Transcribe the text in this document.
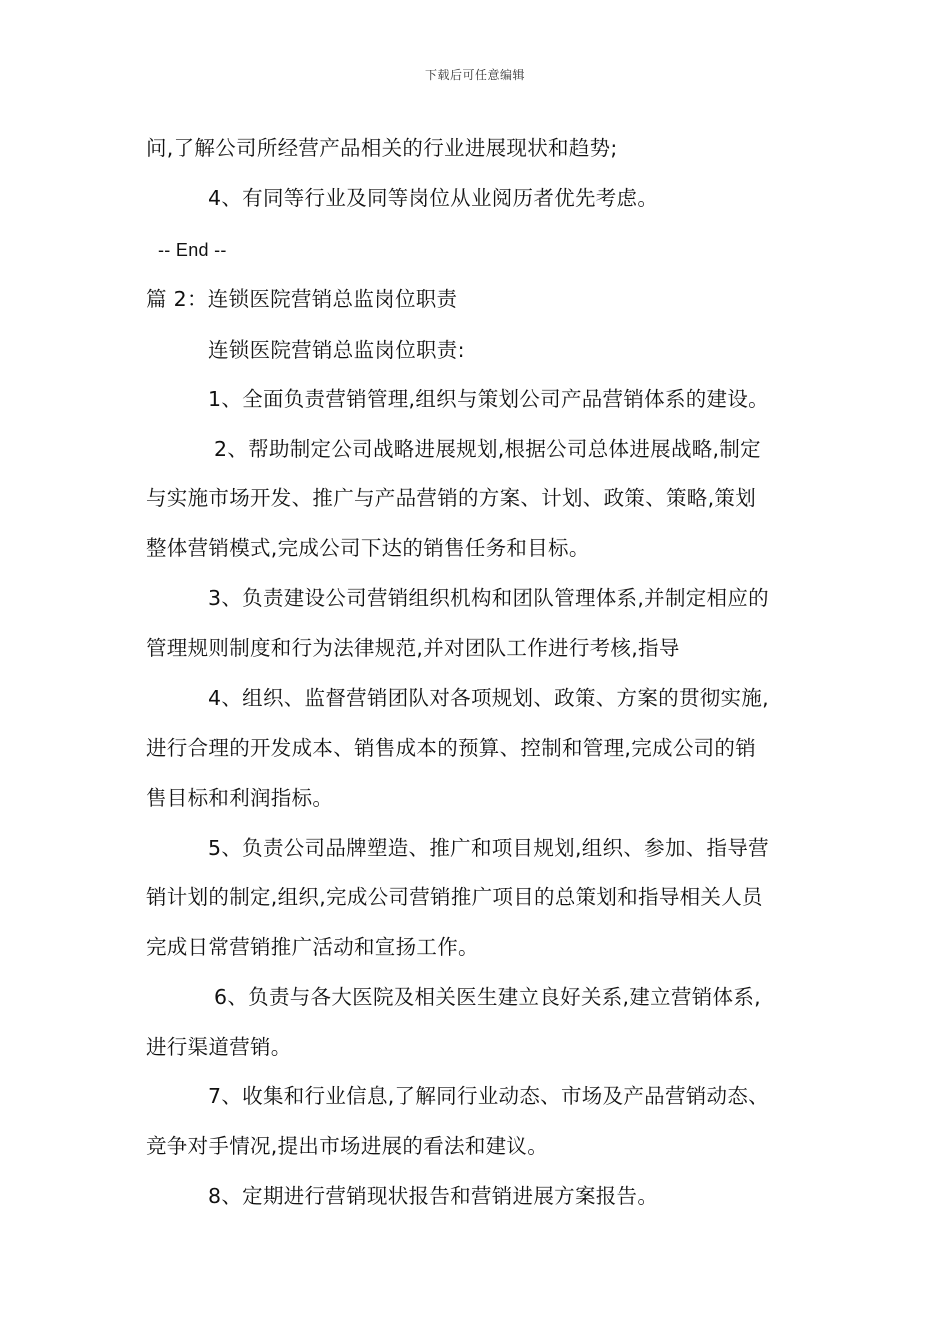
下载后可任意编辑
问,了解公司所经营产品相关的行业进展现状和趋势;
4、有同等行业及同等岗位从业阅历者优先考虑。
-- End --
篇 2：连锁医院营销总监岗位职责
连锁医院营销总监岗位职责:
1、全面负责营销管理,组织与策划公司产品营销体系的建设。
2、帮助制定公司战略进展规划,根据公司总体进展战略,制定
与实施市场开发、推广与产品营销的方案、计划、政策、策略,策划
整体营销模式,完成公司下达的销售任务和目标。
3、负责建设公司营销组织机构和团队管理体系,并制定相应的
管理规则制度和行为法律规范,并对团队工作进行考核,指导
4、组织、监督营销团队对各项规划、政策、方案的贯彻实施,
进行合理的开发成本、销售成本的预算、控制和管理,完成公司的销
售目标和利润指标。
5、负责公司品牌塑造、推广和项目规划,组织、参加、指导营
销计划的制定,组织,完成公司营销推广项目的总策划和指导相关人员
完成日常营销推广活动和宣扬工作。
6、负责与各大医院及相关医生建立良好关系,建立营销体系,
进行渠道营销。
7、收集和行业信息,了解同行业动态、市场及产品营销动态、
竞争对手情况,提出市场进展的看法和建议。
8、定期进行营销现状报告和营销进展方案报告。
